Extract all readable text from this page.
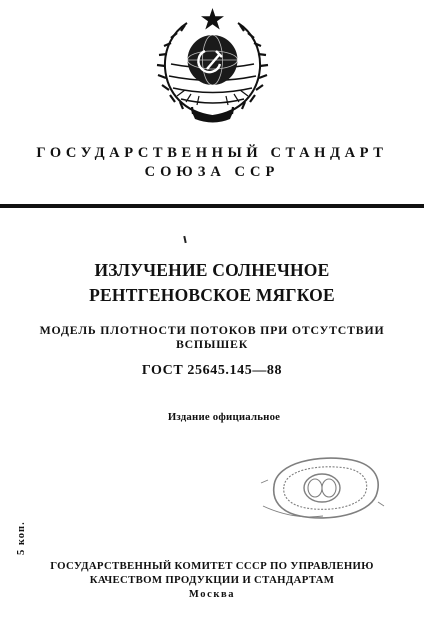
ГОСУДАРСТВЕННЫЙ СТАНДАРТ
СОЮЗА ССР
ИЗЛУЧЕНИЕ СОЛНЕЧНОЕ
РЕНТГЕНОВСКОЕ МЯГКОЕ
МОДЕЛЬ ПЛОТНОСТИ ПОТОКОВ ПРИ ОТСУТСТВИИ
ВСПЫШЕК
ГОСТ 25645.145—88
Издание официальное
5 коп.
ГОСУДАРСТВЕННЫЙ КОМИТЕТ СССР ПО УПРАВЛЕНИЮ
КАЧЕСТВОМ ПРОДУКЦИИ И СТАНДАРТАМ
Москва
